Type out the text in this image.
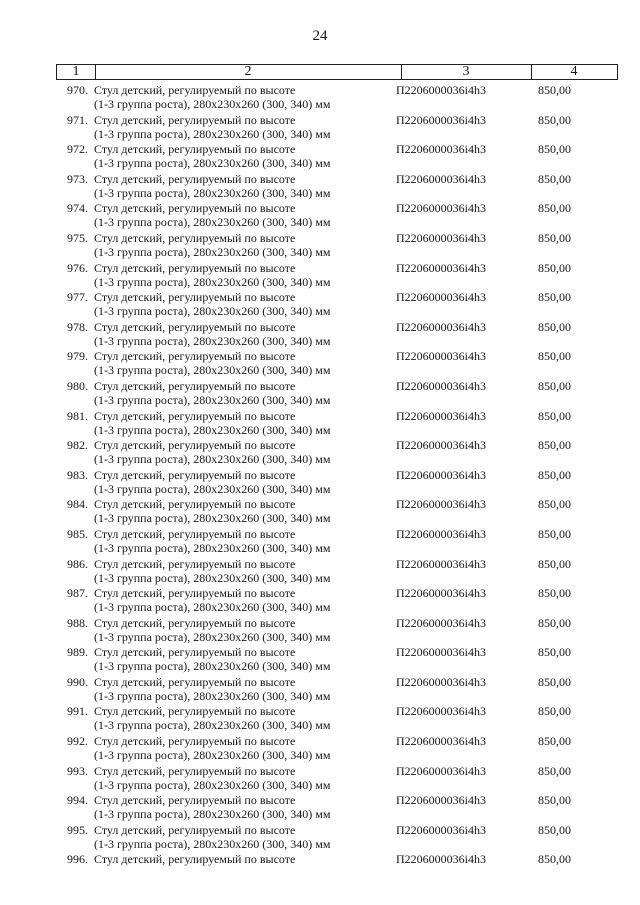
24
1	2	3	4
970. Стул детский, регулируемый по высоте
(1-3 группа роста), 280х230х260 (300, 340) мм
П2206000036i4h3	850,00
971. Стул детский, регулируемый по высоте
(1-3 группа роста), 280х230х260 (300, 340) мм
П2206000036i4h3	850,00
972. Стул детский, регулируемый по высоте
(1-3 группа роста), 280х230х260 (300, 340) мм
П2206000036i4h3	850,00
973. Стул детский, регулируемый по высоте
(1-3 группа роста), 280х230х260 (300, 340) мм
П2206000036i4h3	850,00
974. Стул детский, регулируемый по высоте
(1-3 группа роста), 280х230х260 (300, 340) мм
П2206000036i4h3	850,00
975. Стул детский, регулируемый по высоте
(1-3 группа роста), 280х230х260 (300, 340) мм
П2206000036i4h3	850,00
976. Стул детский, регулируемый по высоте
(1-3 группа роста), 280х230х260 (300, 340) мм
П2206000036i4h3	850,00
977. Стул детский, регулируемый по высоте
(1-3 группа роста), 280х230х260 (300, 340) мм
П2206000036i4h3	850,00
978. Стул детский, регулируемый по высоте
(1-3 группа роста), 280х230х260 (300, 340) мм
П2206000036i4h3	850,00
979. Стул детский, регулируемый по высоте
(1-3 группа роста), 280х230х260 (300, 340) мм
П2206000036i4h3	850,00
980. Стул детский, регулируемый по высоте
(1-3 группа роста), 280х230х260 (300, 340) мм
П2206000036i4h3	850,00
981. Стул детский, регулируемый по высоте
(1-3 группа роста), 280х230х260 (300, 340) мм
П2206000036i4h3	850,00
982. Стул детский, регулируемый по высоте
(1-3 группа роста), 280х230х260 (300, 340) мм
П2206000036i4h3	850,00
983. Стул детский, регулируемый по высоте
(1-3 группа роста), 280х230х260 (300, 340) мм
П2206000036i4h3	850,00
984. Стул детский, регулируемый по высоте
(1-3 группа роста), 280х230х260 (300, 340) мм
П2206000036i4h3	850,00
985. Стул детский, регулируемый по высоте
(1-3 группа роста), 280х230х260 (300, 340) мм
П2206000036i4h3	850,00
986. Стул детский, регулируемый по высоте
(1-3 группа роста), 280х230х260 (300, 340) мм
П2206000036i4h3	850,00
987. Стул детский, регулируемый по высоте
(1-3 группа роста), 280х230х260 (300, 340) мм
П2206000036i4h3	850,00
988. Стул детский, регулируемый по высоте
(1-3 группа роста), 280х230х260 (300, 340) мм
П2206000036i4h3	850,00
989. Стул детский, регулируемый по высоте
(1-3 группа роста), 280х230х260 (300, 340) мм
П2206000036i4h3	850,00
990. Стул детский, регулируемый по высоте
(1-3 группа роста), 280х230х260 (300, 340) мм
П2206000036i4h3	850,00
991. Стул детский, регулируемый по высоте
(1-3 группа роста), 280х230х260 (300, 340) мм
П2206000036i4h3	850,00
992. Стул детский, регулируемый по высоте
(1-3 группа роста), 280х230х260 (300, 340) мм
П2206000036i4h3	850,00
993. Стул детский, регулируемый по высоте
(1-3 группа роста), 280х230х260 (300, 340) мм
П2206000036i4h3	850,00
994. Стул детский, регулируемый по высоте
(1-3 группа роста), 280х230х260 (300, 340) мм
П2206000036i4h3	850,00
995. Стул детский, регулируемый по высоте
(1-3 группа роста), 280х230х260 (300, 340) мм
П2206000036i4h3	850,00
996. Стул детский, регулируемый по высоте	П2206000036i4h3	850,00
